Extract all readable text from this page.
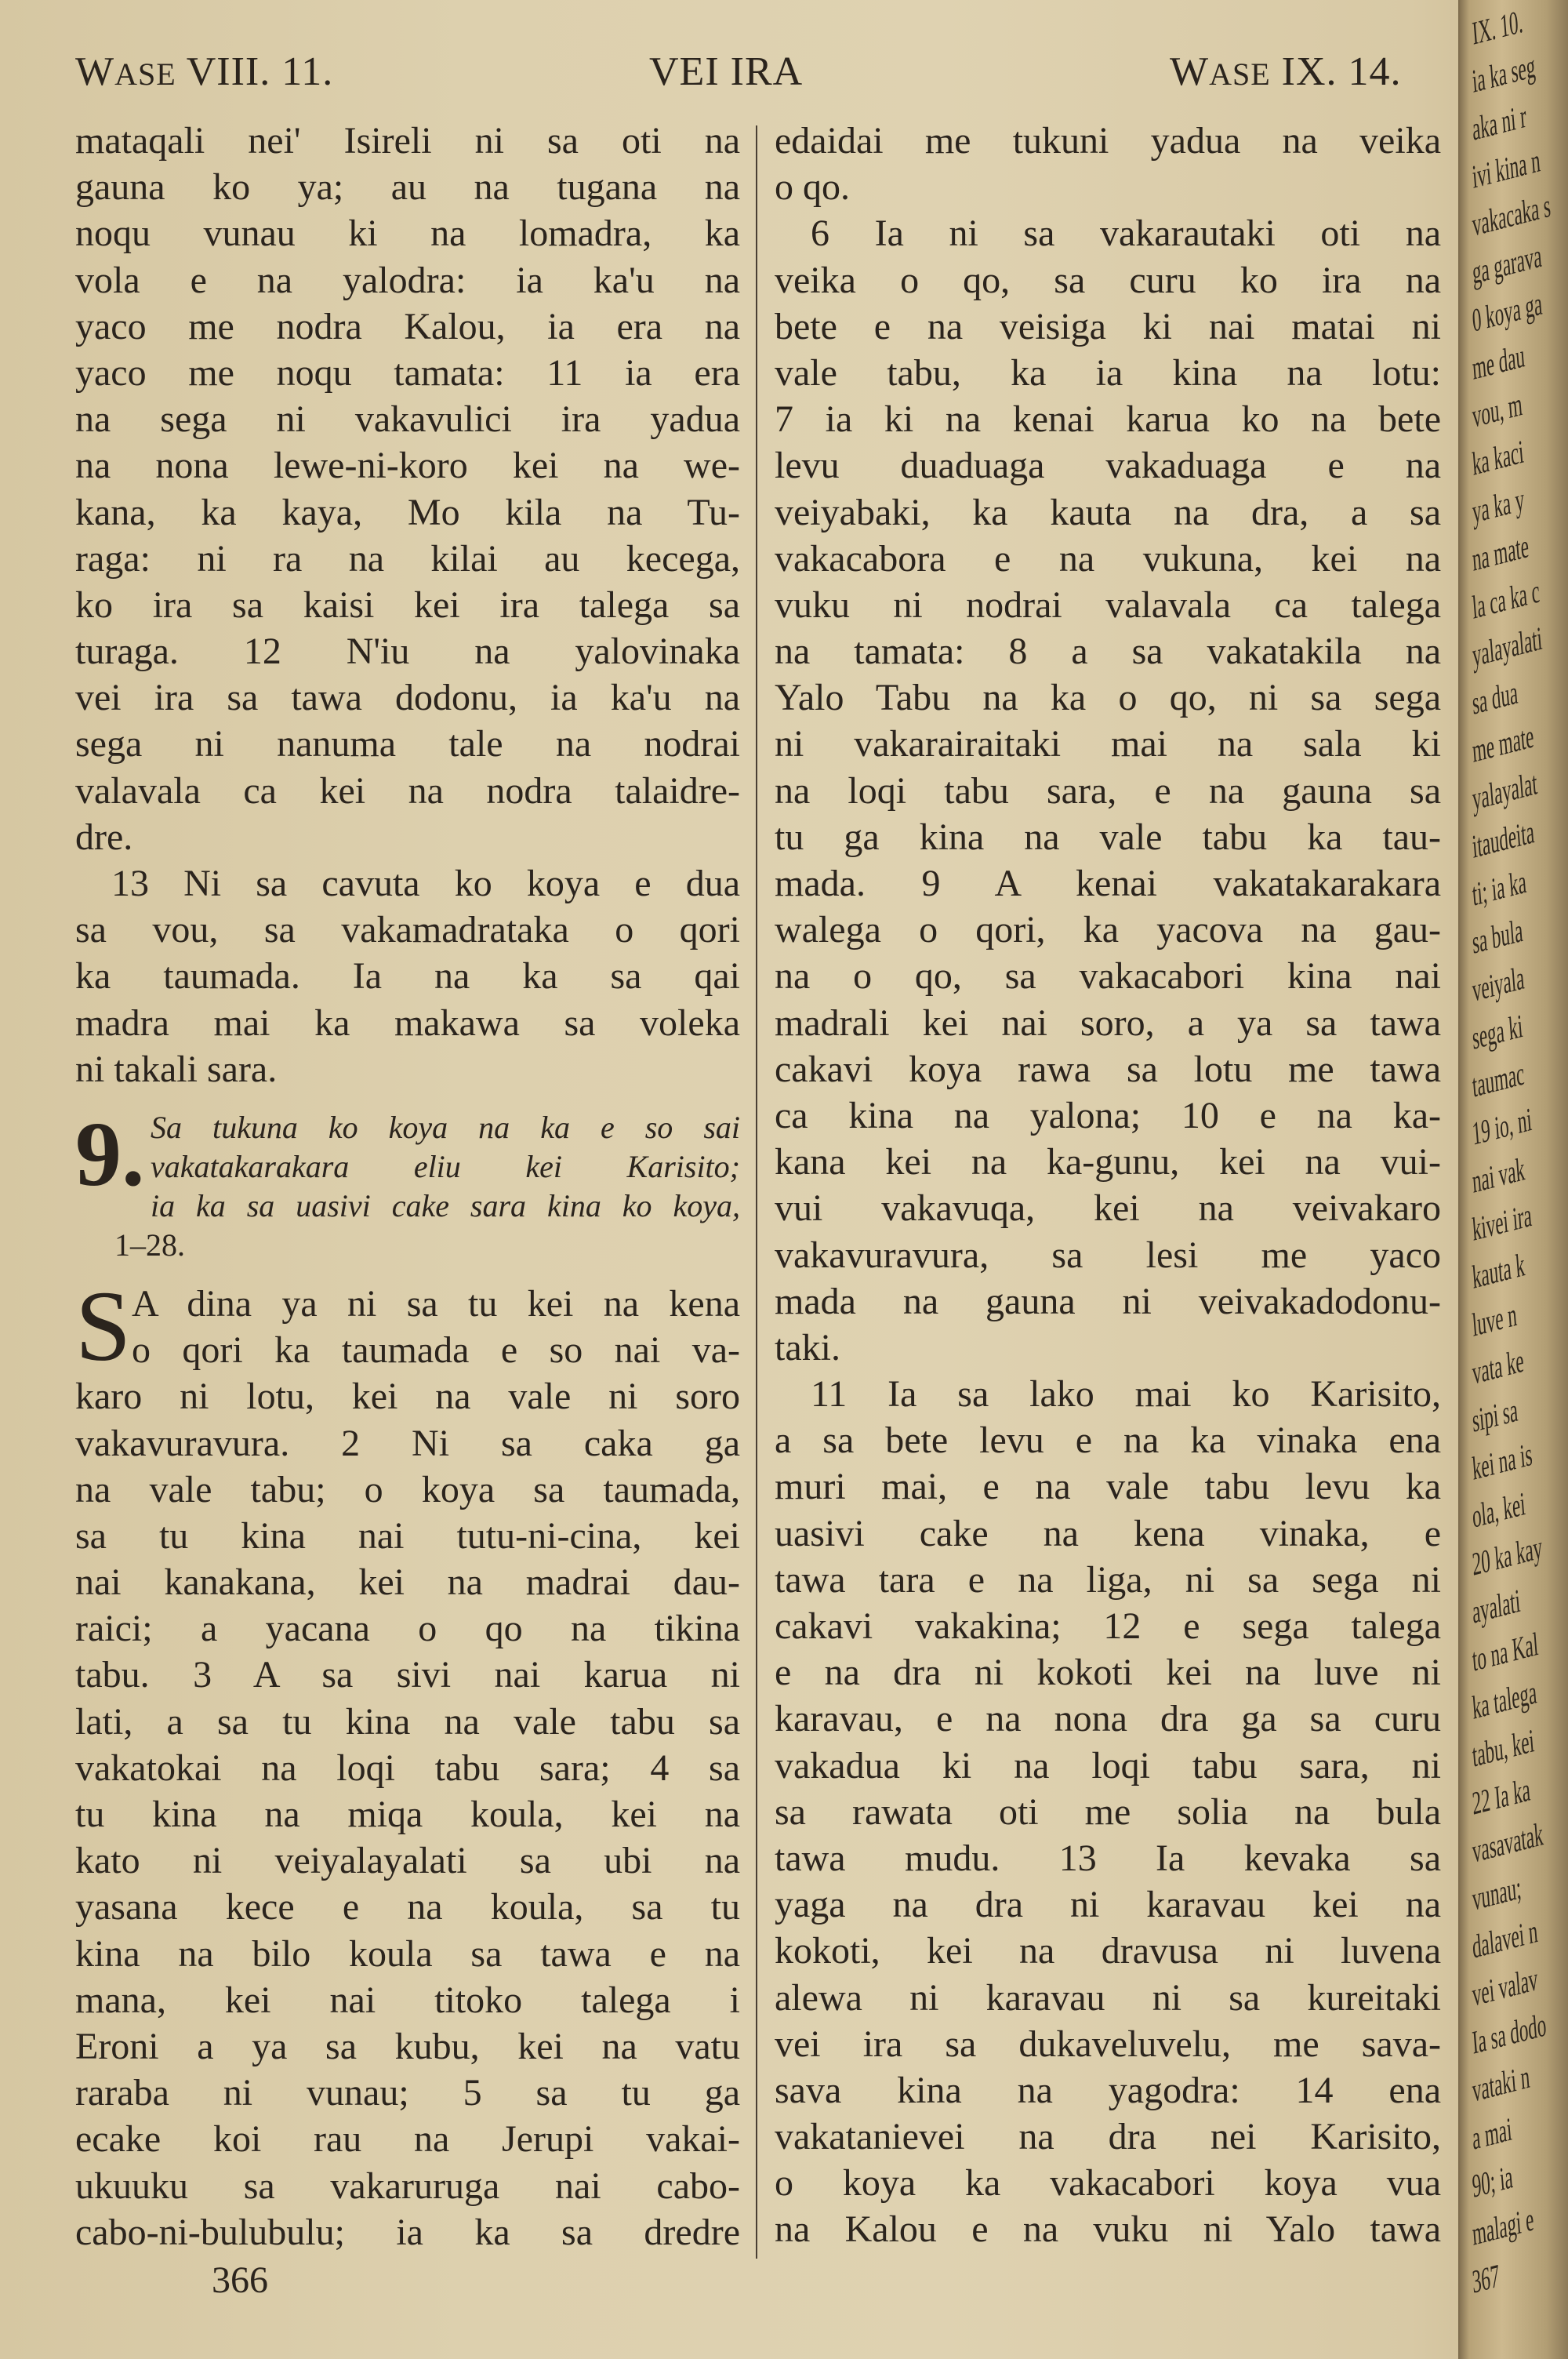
WASE VIII. 11.	VEI IRA	WASE IX. 14.
mataqali nei' Isireli ni sa oti na
gauna ko ya; au na tugana na
noqu vunau ki na lomadra, ka
vola e na yalodra: ia ka'u na
yaco me nodra Kalou, ia era na
yaco me noqu tamata: 11 ia era
na sega ni vakavulici ira yadua
na nona lewe-ni-koro kei na we-
kana, ka kaya, Mo kila na Tu-
raga: ni ra na kilai au kecega,
ko ira sa kaisi kei ira talega sa
turaga. 12 N'iu na yalovinaka
vei ira sa tawa dodonu, ia ka'u na
sega ni nanuma tale na nodrai
valavala ca kei na nodra talaidre-
dre.
13 Ni sa cavuta ko koya e dua
sa vou, sa vakamadrataka o qori
ka taumada. Ia na ka sa qai
madra mai ka makawa sa voleka
ni takali sara.
9. Sa tukuna ko koya na ka e so sai
vakatakarakara eliu kei Karisito;
ia ka sa uasivi cake sara kina ko koya,
1–28.
S A dina ya ni sa tu kei na kena
o qori ka taumada e so nai va-
karo ni lotu, kei na vale ni soro
vakavuravura. 2 Ni sa caka ga
na vale tabu; o koya sa taumada,
sa tu kina nai tutu-ni-cina, kei
nai kanakana, kei na madrai dau-
raici; a yacana o qo na tikina
tabu. 3 A sa sivi nai karua ni
lati, a sa tu kina na vale tabu sa
vakatokai na loqi tabu sara; 4 sa
tu kina na miqa koula, kei na
kato ni veiyalayalati sa ubi na
yasana kece e na koula, sa tu
kina na bilo koula sa tawa e na
mana, kei nai titoko talega i
Eroni a ya sa kubu, kei na vatu
raraba ni vunau; 5 sa tu ga
ecake koi rau na Jerupi vakai-
ukuuku sa vakaruruga nai cabo-
cabo-ni-bulubulu; ia ka sa dredre
edaidai me tukuni yadua na veika
o qo.
6 Ia ni sa vakarautaki oti na
veika o qo, sa curu ko ira na
bete e na veisiga ki nai matai ni
vale tabu, ka ia kina na lotu:
7 ia ki na kenai karua ko na bete
levu duaduaga vakaduaga e na
veiyabaki, ka kauta na dra, a sa
vakacabora e na vukuna, kei na
vuku ni nodrai valavala ca talega
na tamata: 8 a sa vakatakila na
Yalo Tabu na ka o qo, ni sa sega
ni vakarairaitaki mai na sala ki
na loqi tabu sara, e na gauna sa
tu ga kina na vale tabu ka tau-
mada. 9 A kenai vakatakarakara
walega o qori, ka yacova na gau-
na o qo, sa vakacabori kina nai
madrali kei nai soro, a ya sa tawa
cakavi koya rawa sa lotu me tawa
ca kina na yalona; 10 e na ka-
kana kei na ka-gunu, kei na vui-
vui vakavuqa, kei na veivakaro
vakavuravura, sa lesi me yaco
mada na gauna ni veivakadodonu-
taki.
11 Ia sa lako mai ko Karisito,
a sa bete levu e na ka vinaka ena
muri mai, e na vale tabu levu ka
uasivi cake na kena vinaka, e
tawa tara e na liga, ni sa sega ni
cakavi vakakina; 12 e sega talega
e na dra ni kokoti kei na luve ni
karavau, e na nona dra ga sa curu
vakadua ki na loqi tabu sara, ni
sa rawata oti me solia na bula
tawa mudu. 13 Ia kevaka sa
yaga na dra ni karavau kei na
kokoti, kei na dravusa ni luvena
alewa ni karavau ni sa kureitaki
vei ira sa dukaveluvelu, me sava-
sava kina na yagodra: 14 ena
vakatanievei na dra nei Karisito,
o koya ka vakacabori koya vua
na Kalou e na vuku ni Yalo tawa
366
IX. 10.
ia ka seg
aka ni r
ivi kina n
vakacaka s
ga garava
0 koya ga
me dau
vou, m
ka kaci
ya ka y
na mate
la ca ka c
yalayalati
sa dua
me mate
yalayalat
itaudeita
ti; ia ka
sa bula
veiyala
sega ki
taumac
19 io, ni
nai vak
kivei ira
kauta k
luve n
vata ke
sipi sa
kei na is
ola, kei
20 ka kay
ayalati
to na Kal
ka talega
tabu, kei
22 Ia ka
vasavatak
vunau;
dalavei n
vei valav
Ia sa dodo
vataki n
a mai
90; ia
malagi e
367
